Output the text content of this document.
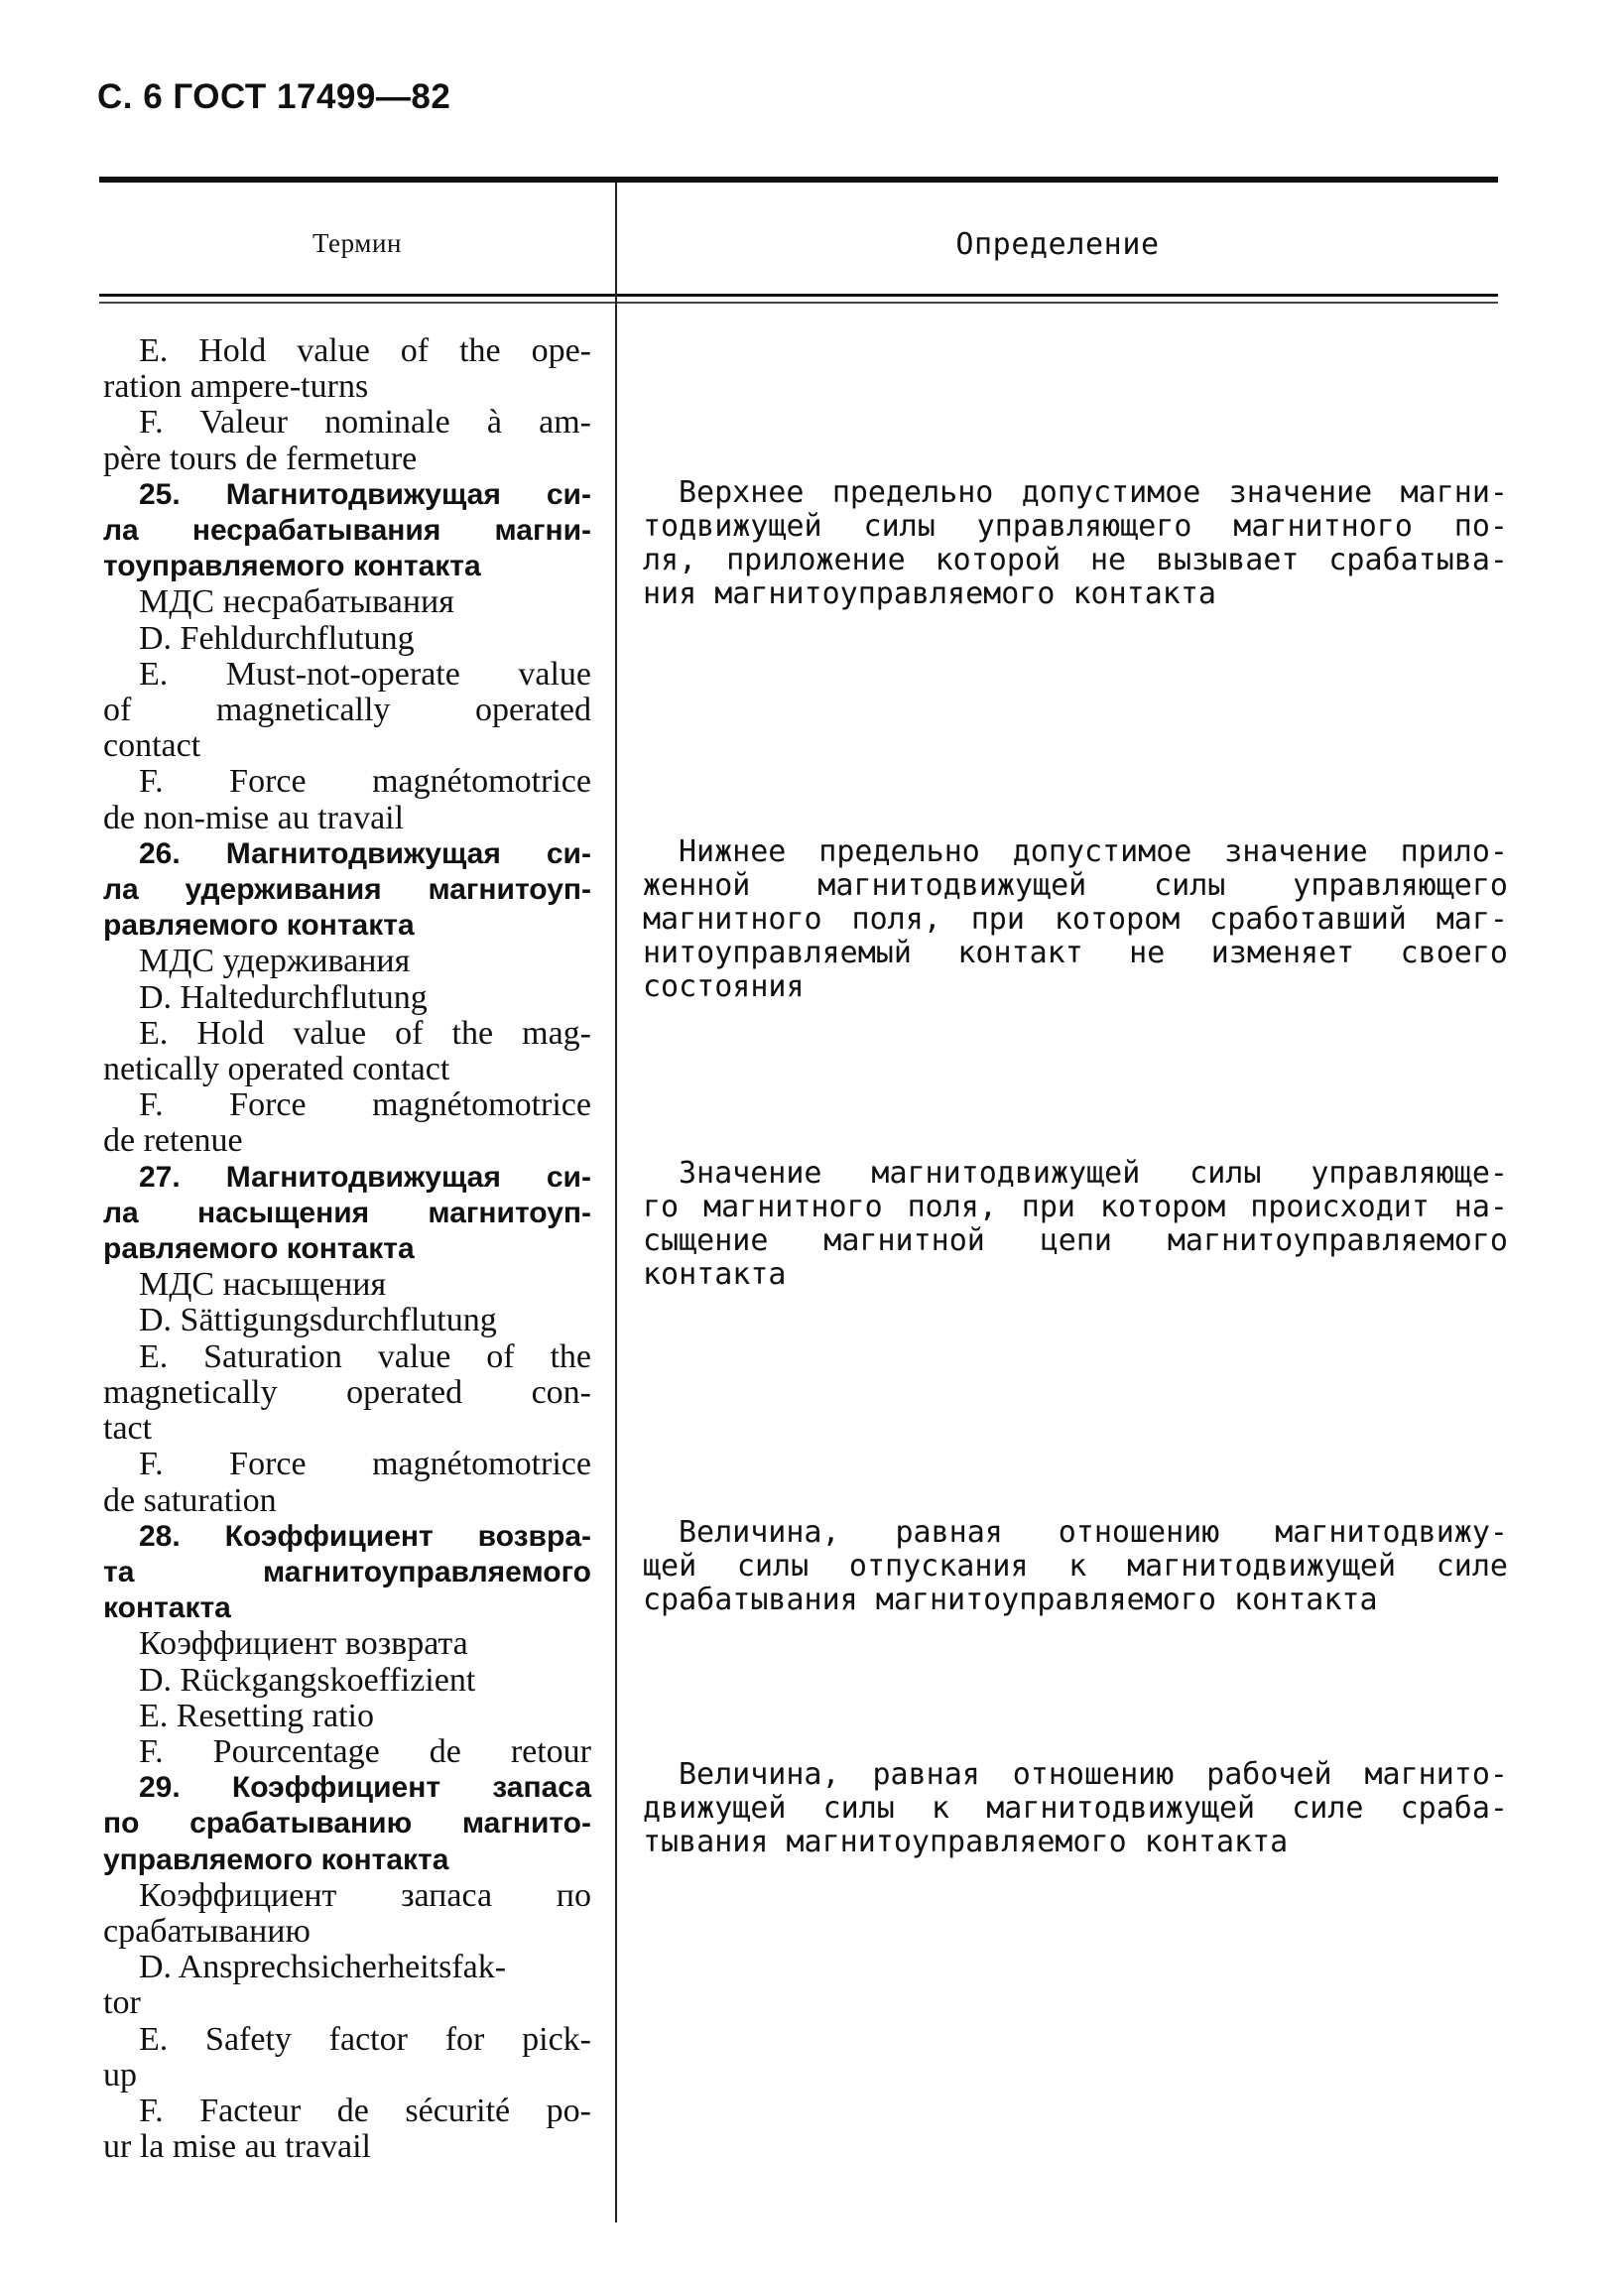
С. 6 ГОСТ 17499—82
Термин	Определение
E. Hold value of the ope-
ration ampere-turns
F. Valeur nominale à am-
père tours de fermeture
25. Магнитодвижущая си-
ла несрабатывания магни-
тоуправляемого контакта
МДС несрабатывания
D. Fehldurchflutung
E. Must-not-operate value
of magnetically operated
contact
F. Force magnétomotrice
de non-mise au travail
26. Магнитодвижущая си-
ла удерживания магнитоуп-
равляемого контакта
МДС удерживания
D. Haltedurchflutung
E. Hold value of the mag-
netically operated contact
F. Force magnétomotrice
de retenue
27. Магнитодвижущая си-
ла насыщения магнитоуп-
равляемого контакта
МДС насыщения
D. Sättigungsdurchflutung
E. Saturation value of the
magnetically operated con-
tact
F. Force magnétomotrice
de saturation
28. Коэффициент возвра-
та магнитоуправляемого
контакта
Коэффициент возврата
D. Rückgangskoeffizient
E. Resetting ratio
F. Pourcentage de retour
29. Коэффициент запаса
по срабатыванию магнито-
управляемого контакта
Коэффициент запаса по
срабатыванию
D. Ansprechsicherheitsfak-
tor
E. Safety factor for pick-
up
F. Facteur de sécurité po-
ur la mise au travail
Верхнее предельно допустимое значение магни-
тодвижущей силы управляющего магнитного по-
ля, приложение которой не вызывает срабатыва-
ния магнитоуправляемого контакта
Нижнее предельно допустимое значение прило-
женной магнитодвижущей силы управляющего
магнитного поля, при котором сработавший маг-
нитоуправляемый контакт не изменяет своего
состояния
Значение магнитодвижущей силы управляюще-
го магнитного поля, при котором происходит на-
сыщение магнитной цепи магнитоуправляемого
контакта
Величина, равная отношению магнитодвижу-
щей силы отпускания к магнитодвижущей силе
срабатывания магнитоуправляемого контакта
Величина, равная отношению рабочей магнито-
движущей силы к магнитодвижущей силе сраба-
тывания магнитоуправляемого контакта
